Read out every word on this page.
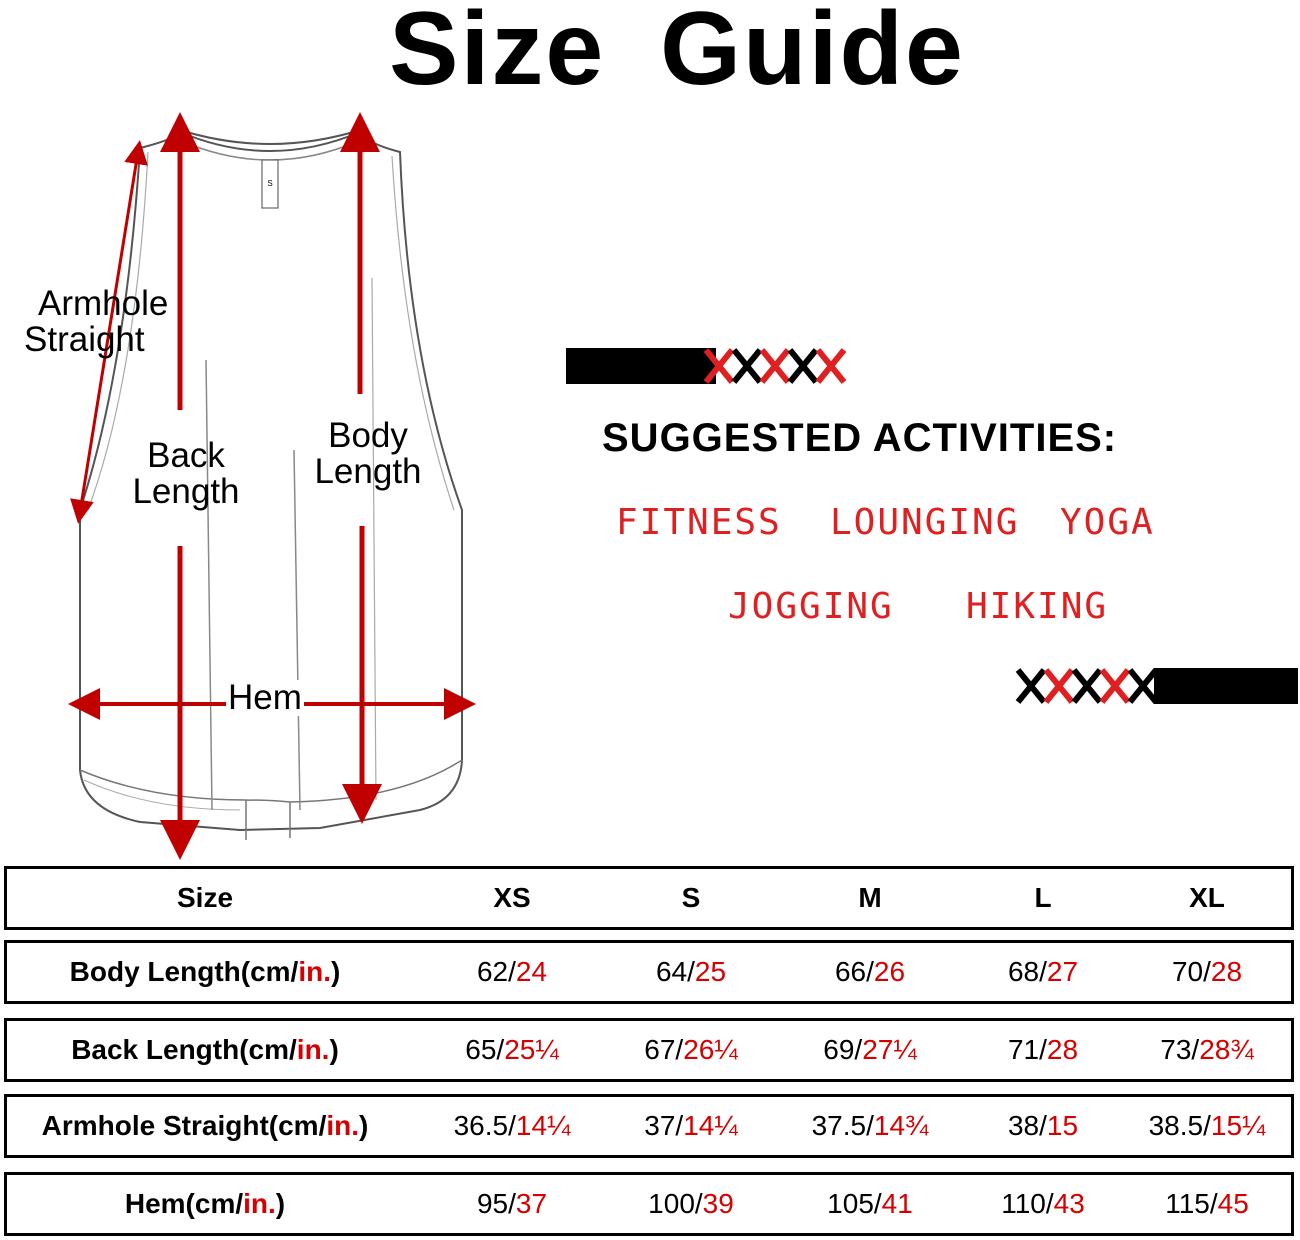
Size Guide
S
Armhole
Straight
Back
Length
Body
Length
Hem
SUGGESTED ACTIVITIES:
FITNESS LOUNGING YOGA
JOGGING HIKING
Size	XS	S	M	L	XL
Body Length(cm/in.)	62/24	64/25	66/26	68/27	70/28
Back Length(cm/in.)	65/25¼	67/26¼	69/27¼	71/28	73/28¾
Armhole Straight(cm/in.)	36.5/14¼	37/14¼	37.5/14¾	38/15	38.5/15¼
Hem(cm/in.)	95/37	100/39	105/41	110/43	115/45
